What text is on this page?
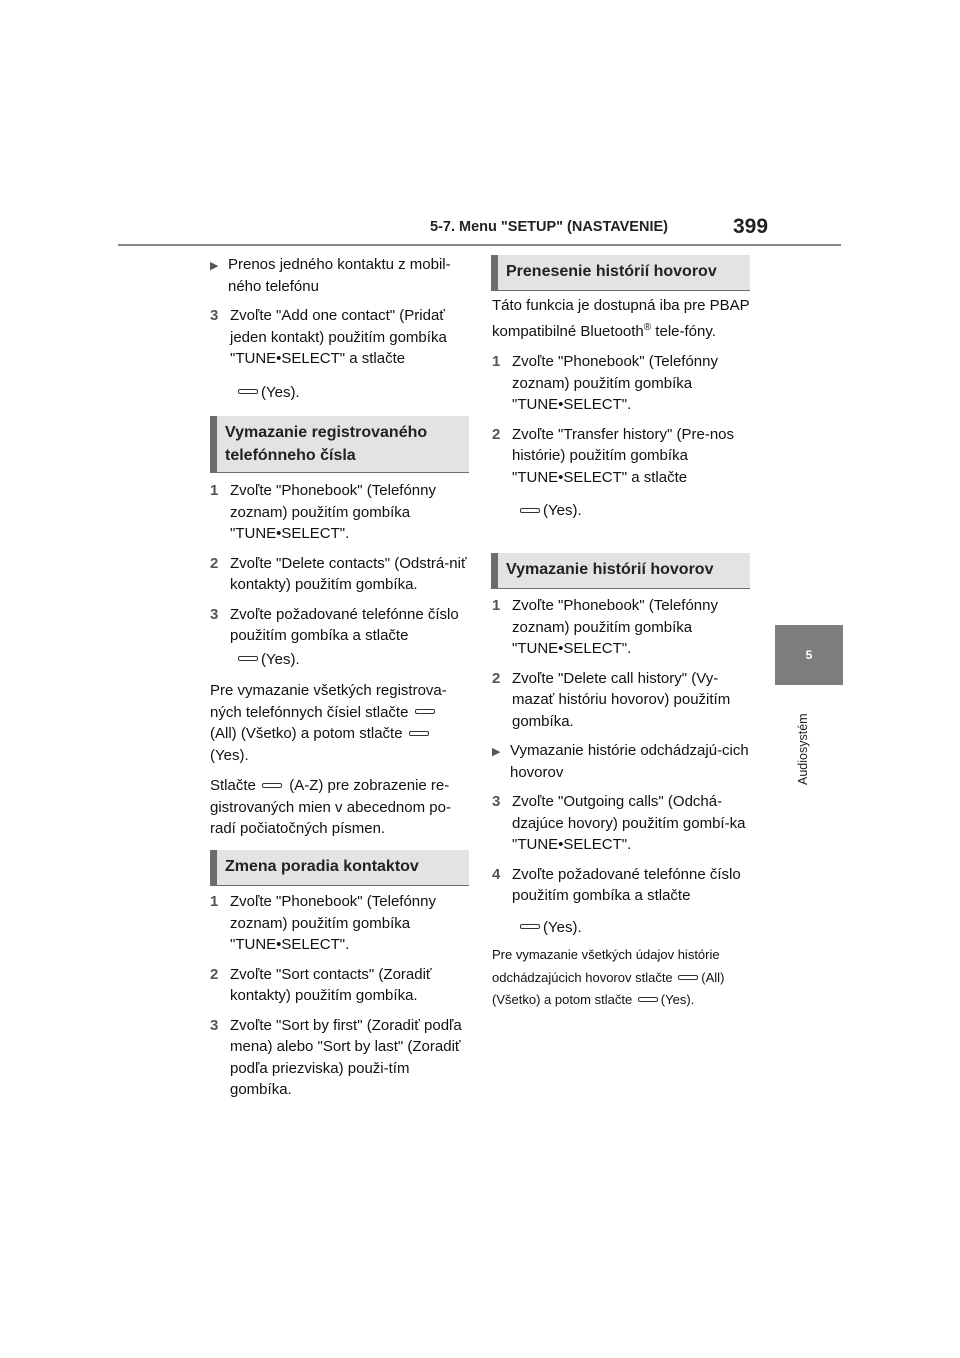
5-7. Menu "SETUP" (NASTAVENIE)	399
5
Audiosystém
▶ Prenos jedného kontaktu z mobil-ného telefónu
3 Zvoľte "Add one contact" (Pridať jeden kontakt) použitím gombíka "TUNE•SELECT" a stlačte
(Yes).
Vymazanie registrovaného telefónneho čísla
1 Zvoľte "Phonebook" (Telefónny zoznam) použitím gombíka "TUNE•SELECT".
2 Zvoľte "Delete contacts" (Odstrá-niť kontakty) použitím gombíka.
3 Zvoľte požadované telefónne číslo použitím gombíka a stlačte
(Yes).
Pre vymazanie všetkých registrova-ných telefónnych čísiel stlačte  (All) (Všetko) a potom stlačte  (Yes).
Stlačte (A-Z) pre zobrazenie re-gistrovaných mien v abecednom po-radí počiatočných písmen.
Zmena poradia kontaktov
1 Zvoľte "Phonebook" (Telefónny zoznam) použitím gombíka "TUNE•SELECT".
2 Zvoľte "Sort contacts" (Zoradiť kontakty) použitím gombíka.
3 Zvoľte "Sort by first" (Zoradiť podľa mena) alebo "Sort by last" (Zoradiť podľa priezviska) použi-tím gombíka.
Prenesenie histórií hovorov
Táto funkcia je dostupná iba pre PBAP kompatibilné Bluetooth® tele-fóny.
1 Zvoľte "Phonebook" (Telefónny zoznam) použitím gombíka "TUNE•SELECT".
2 Zvoľte "Transfer history" (Pre-nos histórie) použitím gombíka "TUNE•SELECT" a stlačte
(Yes).
Vymazanie histórií hovorov
1 Zvoľte "Phonebook" (Telefónny zoznam) použitím gombíka "TUNE•SELECT".
2 Zvoľte "Delete call history" (Vy-mazať históriu hovorov) použitím gombíka.
▶ Vymazanie histórie odchádzajú-cich hovorov
3 Zvoľte "Outgoing calls" (Odchá-dzajúce hovory) použitím gombí-ka "TUNE•SELECT".
4 Zvoľte požadované telefónne číslo použitím gombíka a stlačte
(Yes).
Pre vymazanie všetkých údajov histórie odchádzajúcich hovorov stlačte (All) (Všetko) a potom stlačte (Yes).
